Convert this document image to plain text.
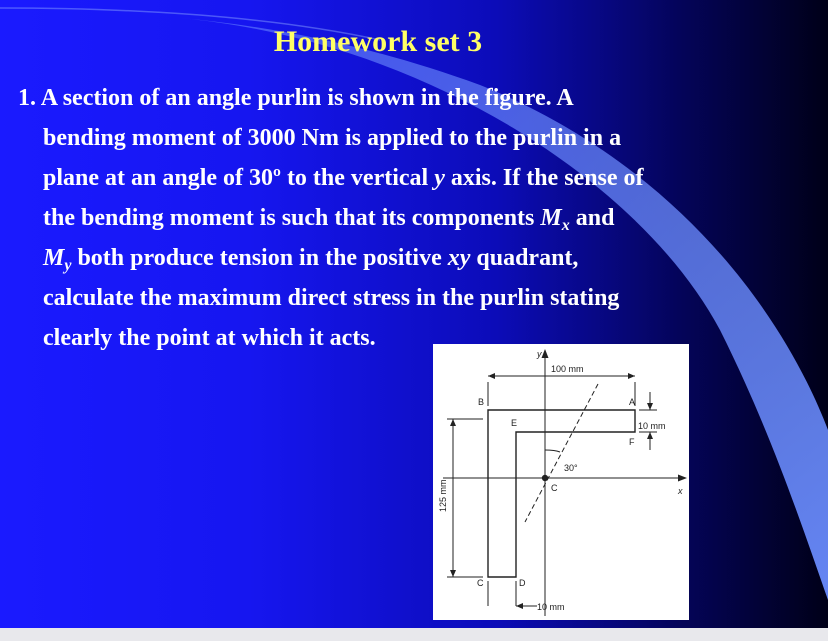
Homework set 3
1. A section of an angle purlin is shown in the figure. A
bending moment of 3000 Nm is applied to the purlin in a
plane at an angle of 30º to the vertical y axis. If the sense of
the bending moment is such that its components $M_x$ and
$M_y$ both produce tension in the positive xy quadrant,
calculate the maximum direct stress in the purlin stating
clearly the point at which it acts.
y
x
100 mm
125 mm
10 mm
10 mm
30°
B	A
E
F
C
C	D
